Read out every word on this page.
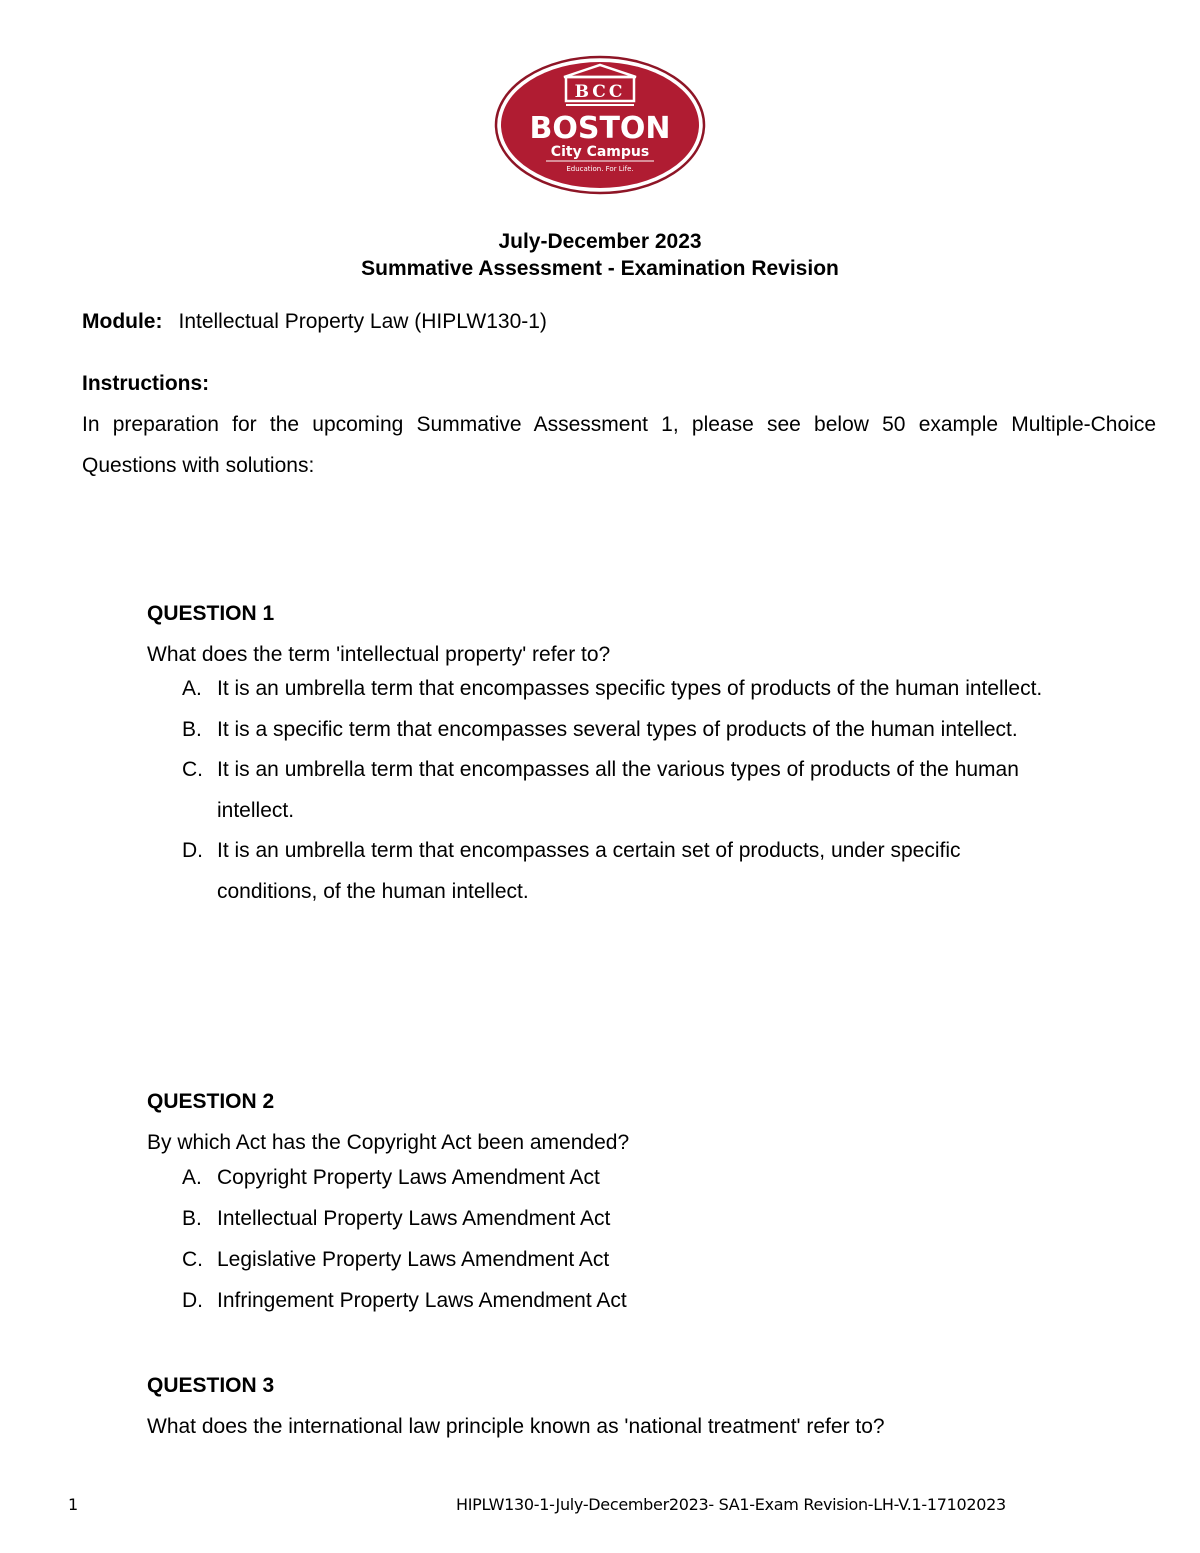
BCC
BOSTON
City Campus
Education. For Life.
July-December 2023
Summative Assessment - Examination Revision
Module: Intellectual Property Law (HIPLW130-1)
Instructions:
In preparation for the upcoming Summative Assessment 1, please see below 50 example Multiple-Choice Questions with solutions:

QUESTION 1

What does the term 'intellectual property' refer to?

A. It is an umbrella term that encompasses specific types of products of the human intellect.
B. It is a specific term that encompasses several types of products of the human intellect.
C. It is an umbrella term that encompasses all the various types of products of the human intellect.
D. It is an umbrella term that encompasses a certain set of products, under specific conditions, of the human intellect.

QUESTION 2

By which Act has the Copyright Act been amended?

A. Copyright Property Laws Amendment Act
B. Intellectual Property Laws Amendment Act
C. Legislative Property Laws Amendment Act
D. Infringement Property Laws Amendment Act

QUESTION 3

What does the international law principle known as 'national treatment' refer to?

1	HIPLW130-1-July-December2023- SA1-Exam Revision-LH-V.1-17102023
